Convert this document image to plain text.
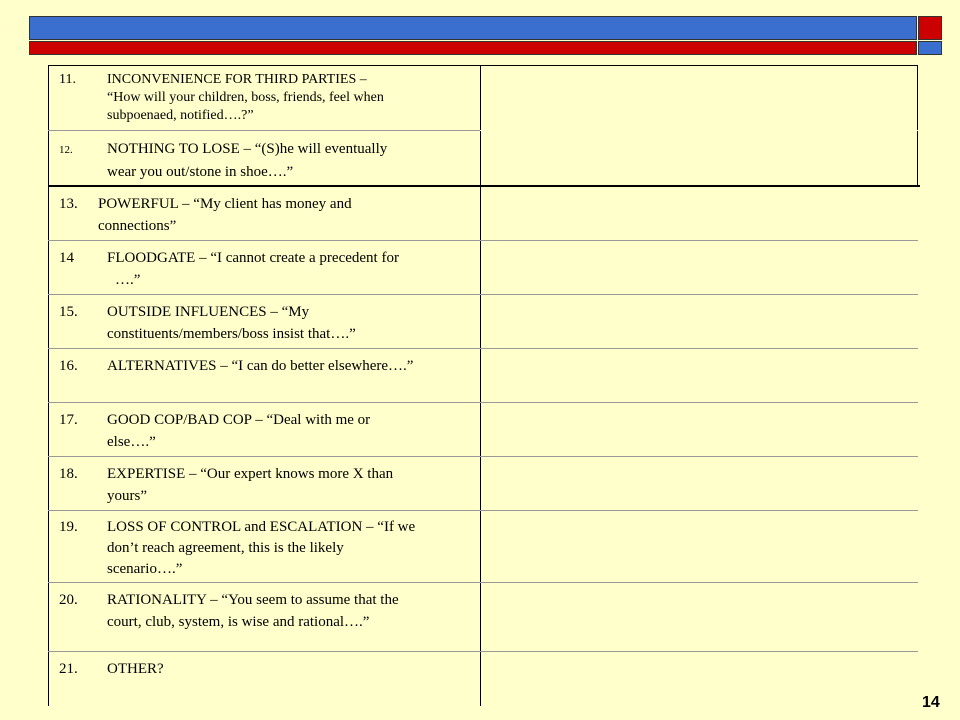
11. INCONVENIENCE FOR THIRD PARTIES –
“How will your children, boss, friends, feel when
subpoenaed, notified….?”
12. NOTHING TO LOSE – “(S)he will eventually
wear you out/stone in shoe….”
13. POWERFUL – “My client has money and
connections”
14 FLOODGATE – “I cannot create a precedent for
….”
15. OUTSIDE INFLUENCES – “My
constituents/members/boss insist that….”
16. ALTERNATIVES – “I can do better elsewhere….”
17. GOOD COP/BAD COP – “Deal with me or
else….”
18. EXPERTISE – “Our expert knows more X than
yours”
19. LOSS OF CONTROL and ESCALATION – “If we
don’t reach agreement, this is the likely
scenario….”
20. RATIONALITY – “You seem to assume that the
court, club, system, is wise and rational….”
21. OTHER?
14
